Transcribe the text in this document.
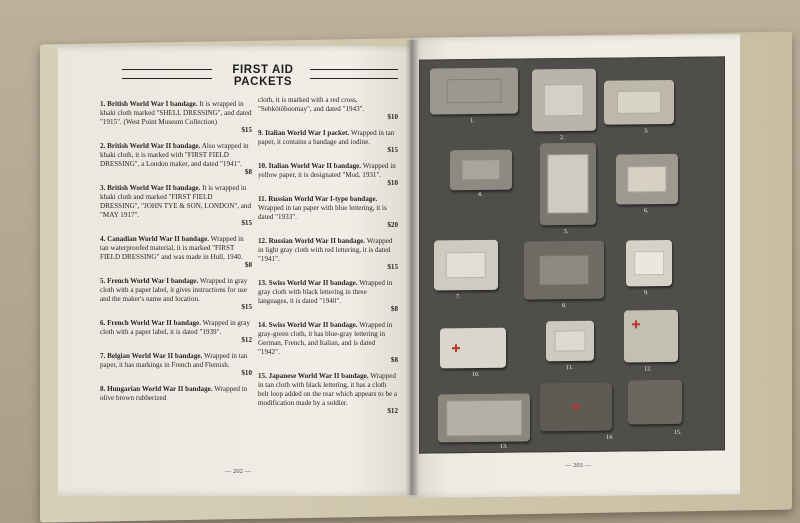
FIRST AID PACKETS
1. British World War I bandage. It is wrapped in khaki cloth marked "SHELL DRESSING", and dated "1915". (West Point Museum Collection)
$15
2. British World War II bandage. Also wrapped in khaki cloth, it is marked with "FIRST FIELD DRESSING", a London maker, and dated "1941".
$8
3. British World War II bandage. It is wrapped in khaki cloth and marked "FIRST FIELD DRESSING", "JOHN TYE & SON, LONDON", and "MAY 1917".
$15
4. Canadian World War II bandage. Wrapped in tan waterproofed material, it is marked "FIRST FIELD DRESSING" and was made in Hull, 1940.
$8
5. French World War I bandage. Wrapped in gray cloth with a paper label, it gives instructions for use and the maker's name and location.
$15
6. French World War II bandage. Wrapped in gray cloth with a paper label, it is dated "1939".
$12
7. Belgian World War II bandage. Wrapped in tan paper, it has markings in French and Flemish.
$10
8. Hungarian World War II bandage. Wrapped in olive brown rubberized
cloth, it is marked with a red cross, "Sebkötöboomay", and dated "1943".
$10
9. Italian World War I packet. Wrapped in tan paper, it contains a bandage and iodine.
$15
10. Italian World War II bandage. Wrapped in yellow paper, it is designated "Mod. 1931".
$10
11. Russian World War I-type bandage. Wrapped in tan paper with blue lettering, it is dated "1933".
$20
12. Russian World War II bandage. Wrapped in light gray cloth with red lettering, it is dated "1941".
$15
13. Swiss World War II bandage. Wrapped in gray cloth with black lettering in three languages, it is dated "1940".
$8
14. Swiss World War II bandage. Wrapped in gray-green cloth, it has blue-gray lettering in German, French, and Italian, and is dated "1942".
$8
15. Japanese World War II bandage. Wrapped in tan cloth with black lettering, it has a cloth belt loop added on the rear which appears to be a modification made by a soldier.
$12
— 202 —
— 203 —
1.
2.
3.
4.
5.
6.
7.
8.
9.
10.
11.	12.
13.
14.
15.
